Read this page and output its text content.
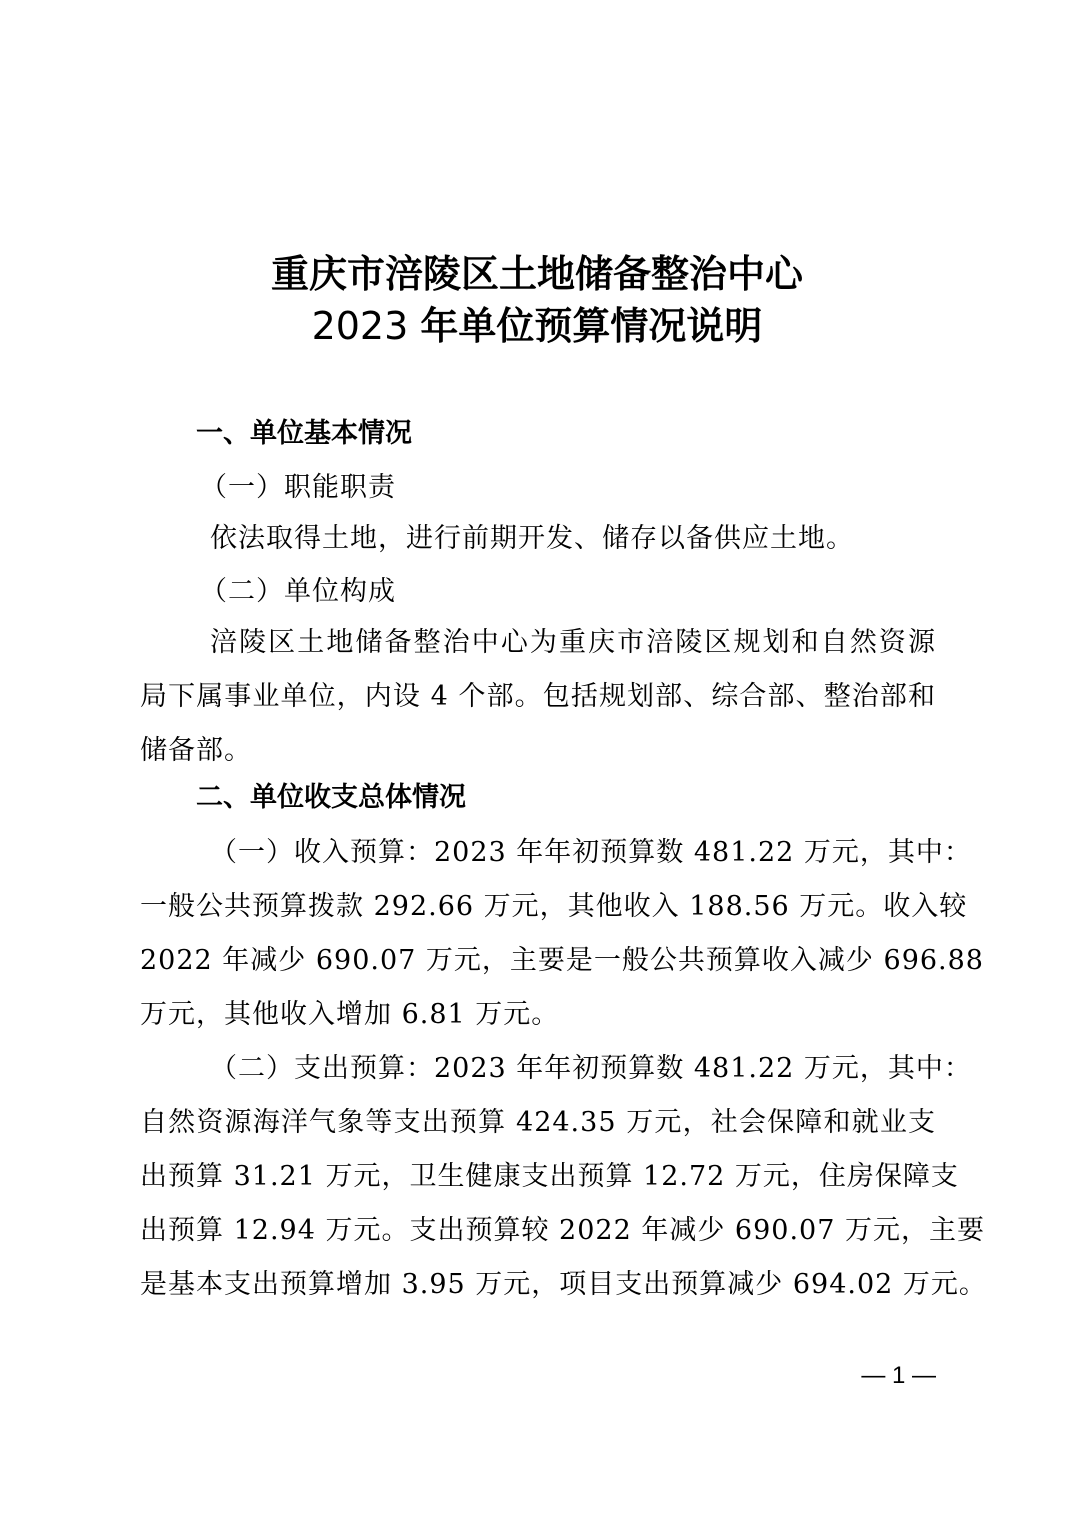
重庆市涪陵区土地储备整治中心
2023 年单位预算情况说明
一、单位基本情况
（一）职能职责
依法取得土地，进行前期开发、储存以备供应土地。
（二）单位构成
涪陵区土地储备整治中心为重庆市涪陵区规划和自然资源
局下属事业单位，内设 4 个部。包括规划部、综合部、整治部和
储备部。
二、单位收支总体情况
（一）收入预算：2023 年年初预算数 481.22 万元，其中：
一般公共预算拨款 292.66 万元，其他收入 188.56 万元。收入较
2022 年减少 690.07 万元，主要是一般公共预算收入减少 696.88
万元，其他收入增加 6.81 万元。
（二）支出预算：2023 年年初预算数 481.22 万元，其中：
自然资源海洋气象等支出预算 424.35 万元，社会保障和就业支
出预算 31.21 万元，卫生健康支出预算 12.72 万元，住房保障支
出预算 12.94 万元。支出预算较 2022 年减少 690.07 万元，主要
是基本支出预算增加 3.95 万元，项目支出预算减少 694.02 万元。
— 1 —
